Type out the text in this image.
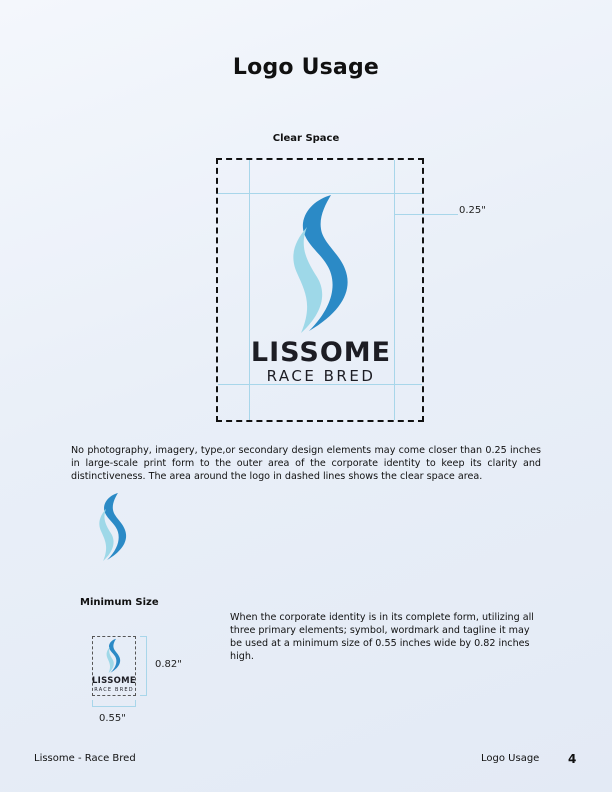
Logo Usage
Clear Space
0.25"
LISSOME
RACE BRED
No photography, imagery, type,or secondary design elements may come closer than 0.25 inches in large-scale print form to the outer area of the corporate identity to keep its clarity and distinctiveness. The area around the logo in dashed lines shows the clear space area.
Minimum Size
LISSOME
RACE BRED
0.82"
0.55"
When the corporate identity is in its complete form, utilizing all three primary elements; symbol, wordmark and tagline it may be used at a minimum size of 0.55 inches wide by 0.82 inches high.
Lissome - Race Bred	Logo Usage 4
